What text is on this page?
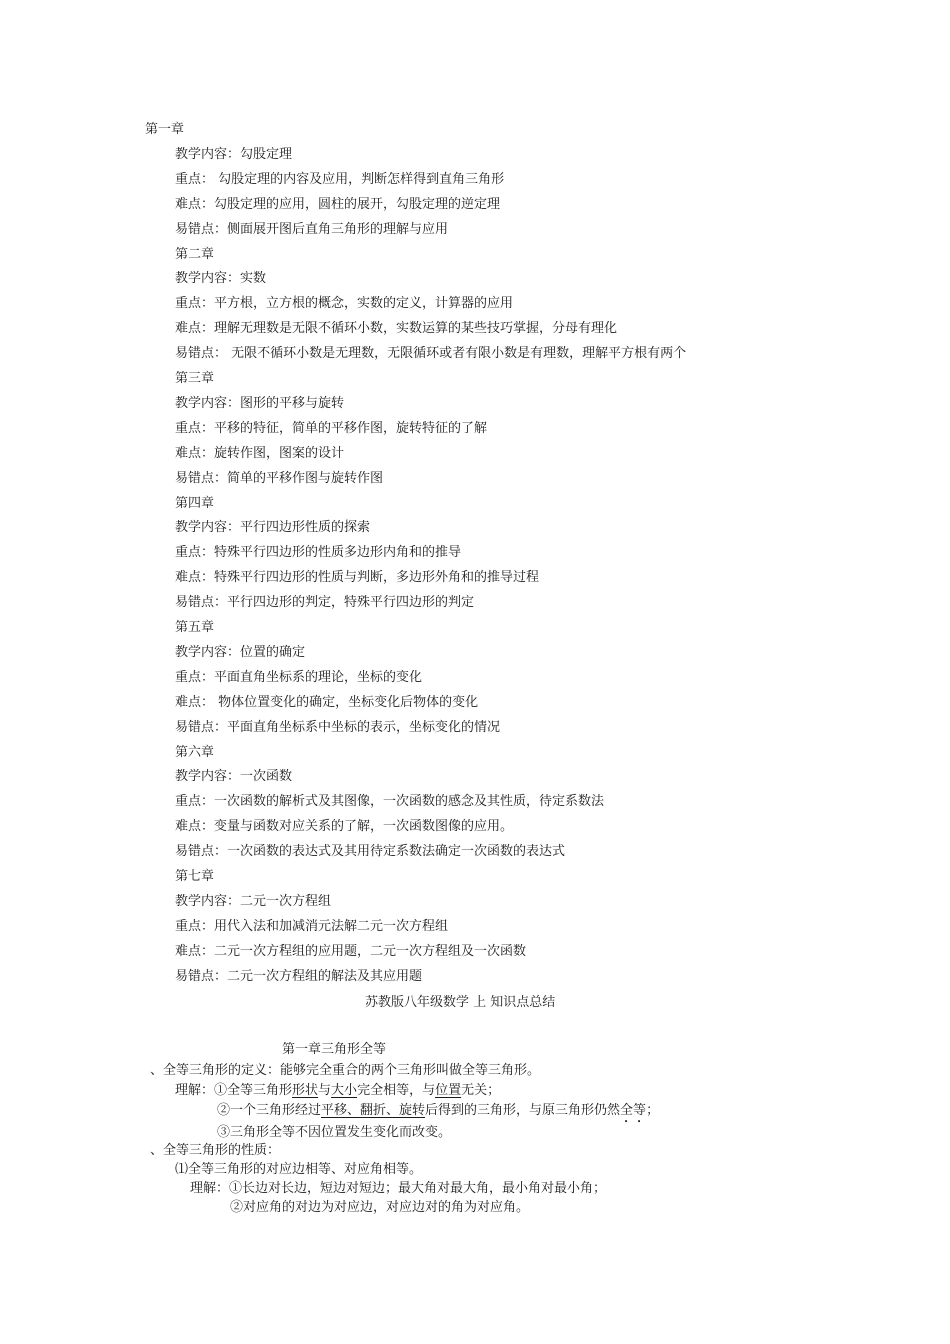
第一章
教学内容：勾股定理
重点： 勾股定理的内容及应用，判断怎样得到直角三角形
难点：勾股定理的应用，圆柱的展开，勾股定理的逆定理
易错点：侧面展开图后直角三角形的理解与应用
第二章
教学内容：实数
重点：平方根，立方根的概念，实数的定义，计算器的应用
难点：理解无理数是无限不循环小数，实数运算的某些技巧掌握，分母有理化
易错点： 无限不循环小数是无理数，无限循环或者有限小数是有理数，理解平方根有两个
第三章
教学内容：图形的平移与旋转
重点：平移的特征，简单的平移作图，旋转特征的了解
难点：旋转作图，图案的设计
易错点：简单的平移作图与旋转作图
第四章
教学内容：平行四边形性质的探索
重点：特殊平行四边形的性质多边形内角和的推导
难点：特殊平行四边形的性质与判断，多边形外角和的推导过程
易错点：平行四边形的判定，特殊平行四边形的判定
第五章
教学内容：位置的确定
重点：平面直角坐标系的理论，坐标的变化
难点： 物体位置变化的确定，坐标变化后物体的变化
易错点：平面直角坐标系中坐标的表示，坐标变化的情况
第六章
教学内容：一次函数
重点：一次函数的解析式及其图像，一次函数的感念及其性质，待定系数法
难点：变量与函数对应关系的了解，一次函数图像的应用。
易错点：一次函数的表达式及其用待定系数法确定一次函数的表达式
第七章
教学内容：二元一次方程组
重点：用代入法和加减消元法解二元一次方程组
难点：二元一次方程组的应用题，二元一次方程组及一次函数
易错点：二元一次方程组的解法及其应用题
苏教版八年级数学 上 知识点总结
第一章三角形全等
、全等三角形的定义：能够完全重合的两个三角形叫做全等三角形。
理解：①全等三角形形状与大小完全相等，与位置无关；
②一个三角形经过平移、翻折、旋转后得到的三角形，与原三角形仍然全等；
③三角形全等不因位置发生变化而改变。
、全等三角形的性质：
⑴全等三角形的对应边相等、对应角相等。
理解：①长边对长边，短边对短边；最大角对最大角，最小角对最小角；
②对应角的对边为对应边，对应边对的角为对应角。
